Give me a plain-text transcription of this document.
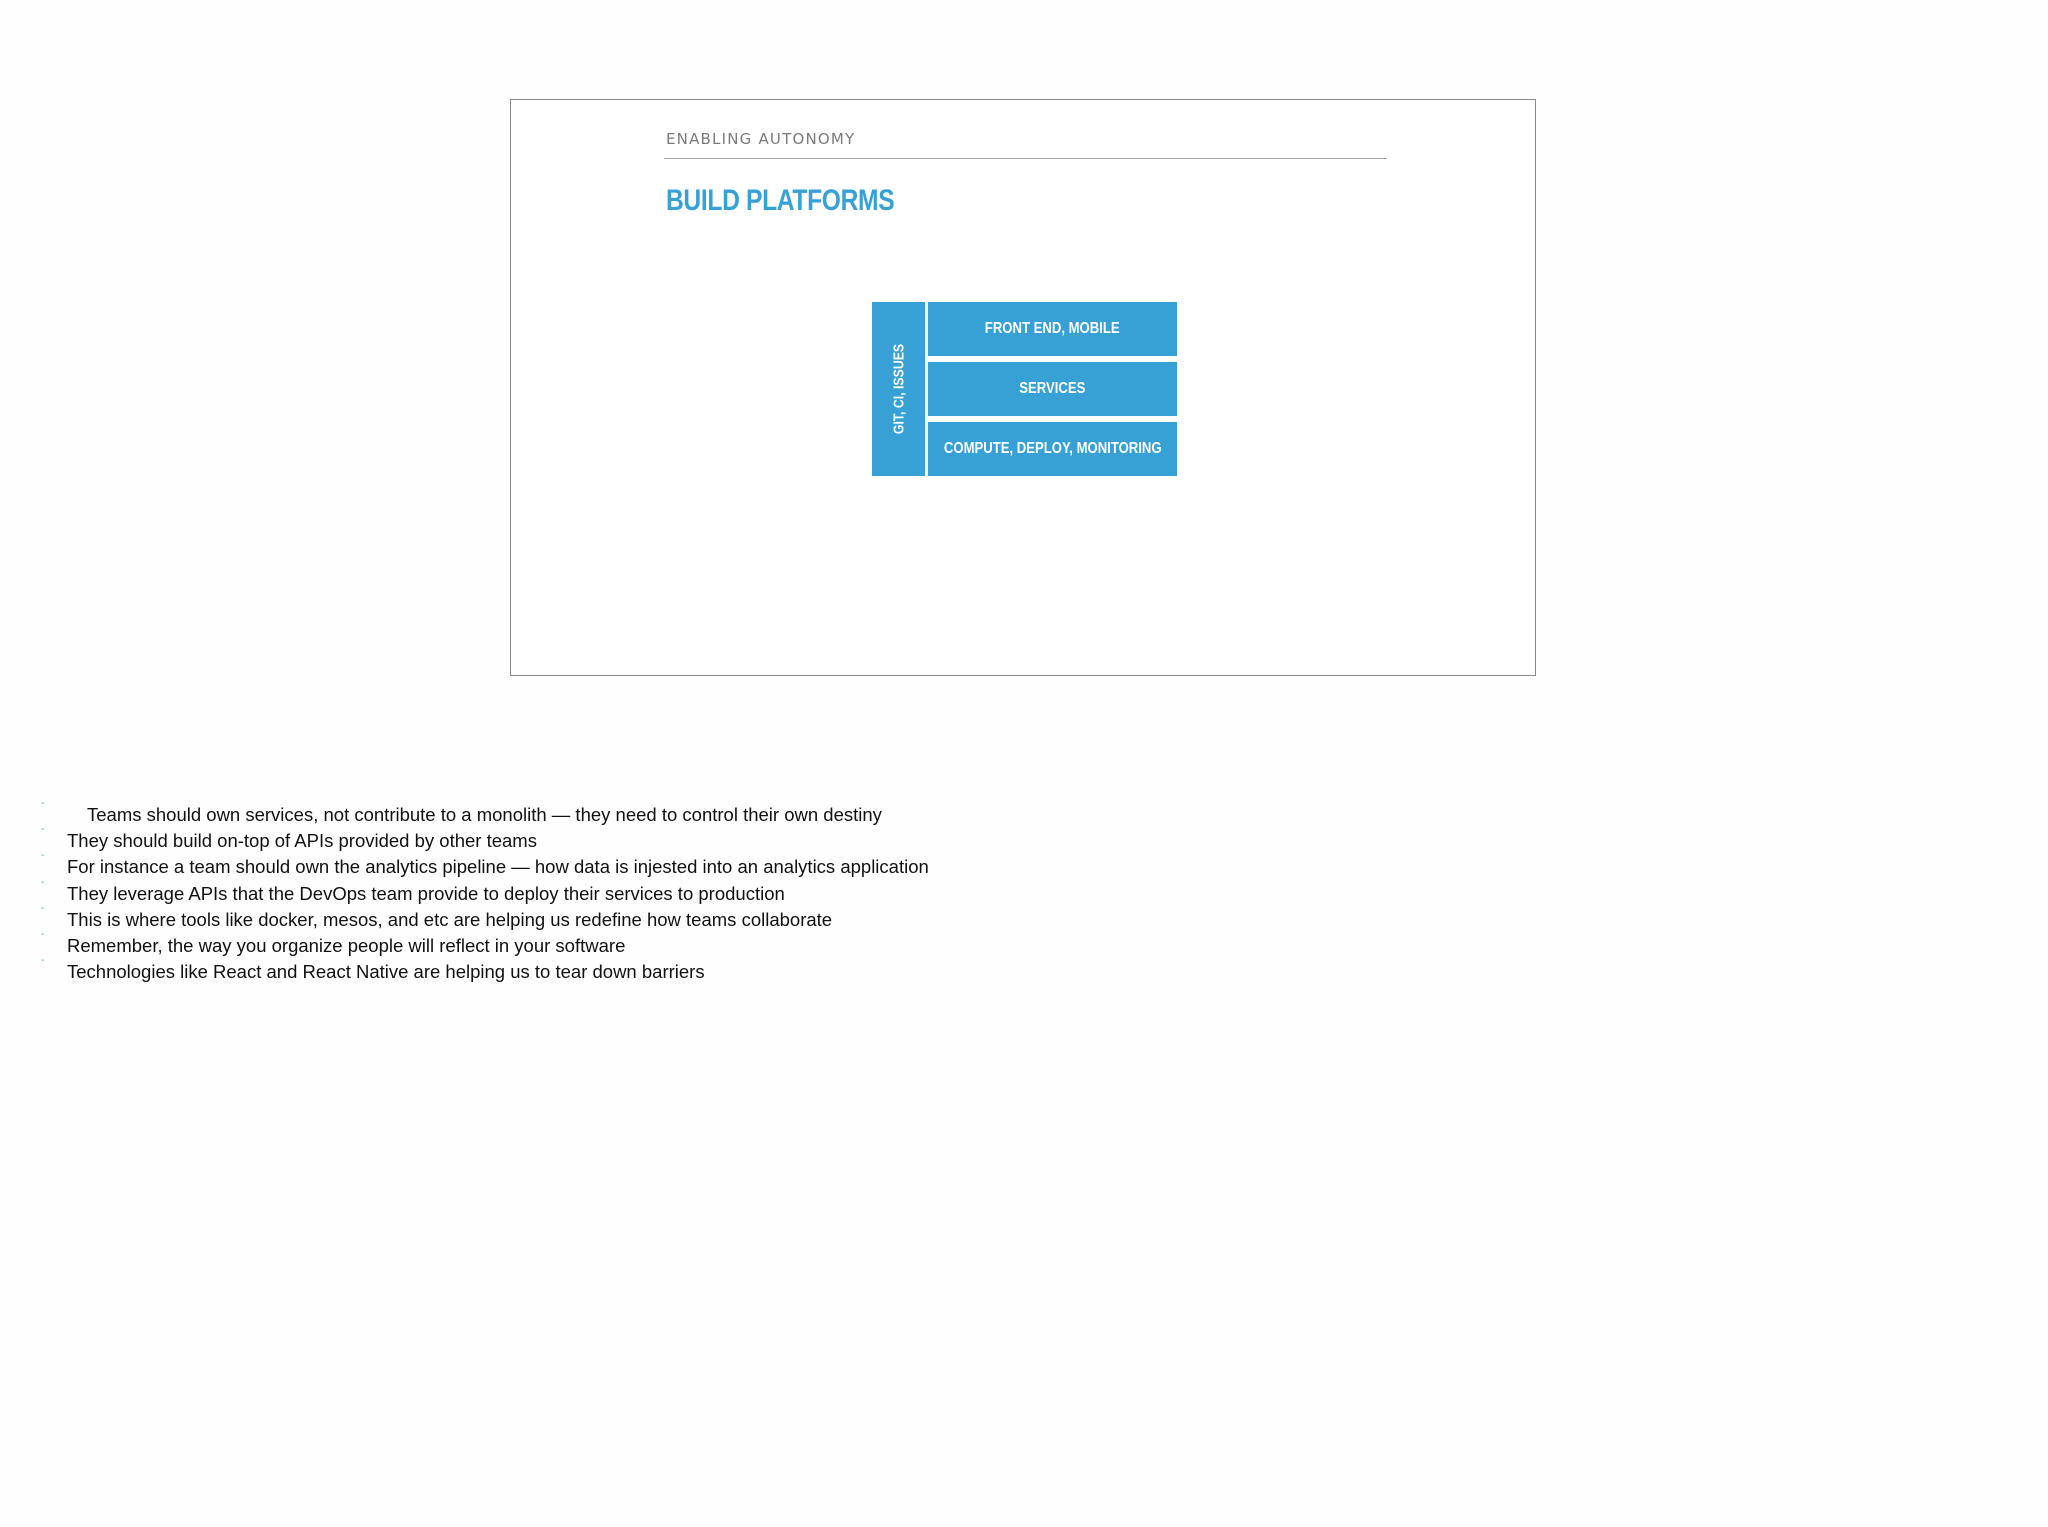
ENABLING AUTONOMY
BUILD PLATFORMS
GIT, CI, ISSUES
FRONT END, MOBILE
SERVICES
COMPUTE, DEPLOY, MONITORING
-
Teams should own services, not contribute to a monolith — they need to control their own destiny
-
They should build on-top of APIs provided by other teams
-
For instance a team should own the analytics pipeline — how data is injested into an analytics application
-
They leverage APIs that the DevOps team provide to deploy their services to production
-
This is where tools like docker, mesos, and etc are helping us redefine how teams collaborate
-
Remember, the way you organize people will reflect in your software
-
Technologies like React and React Native are helping us to tear down barriers
